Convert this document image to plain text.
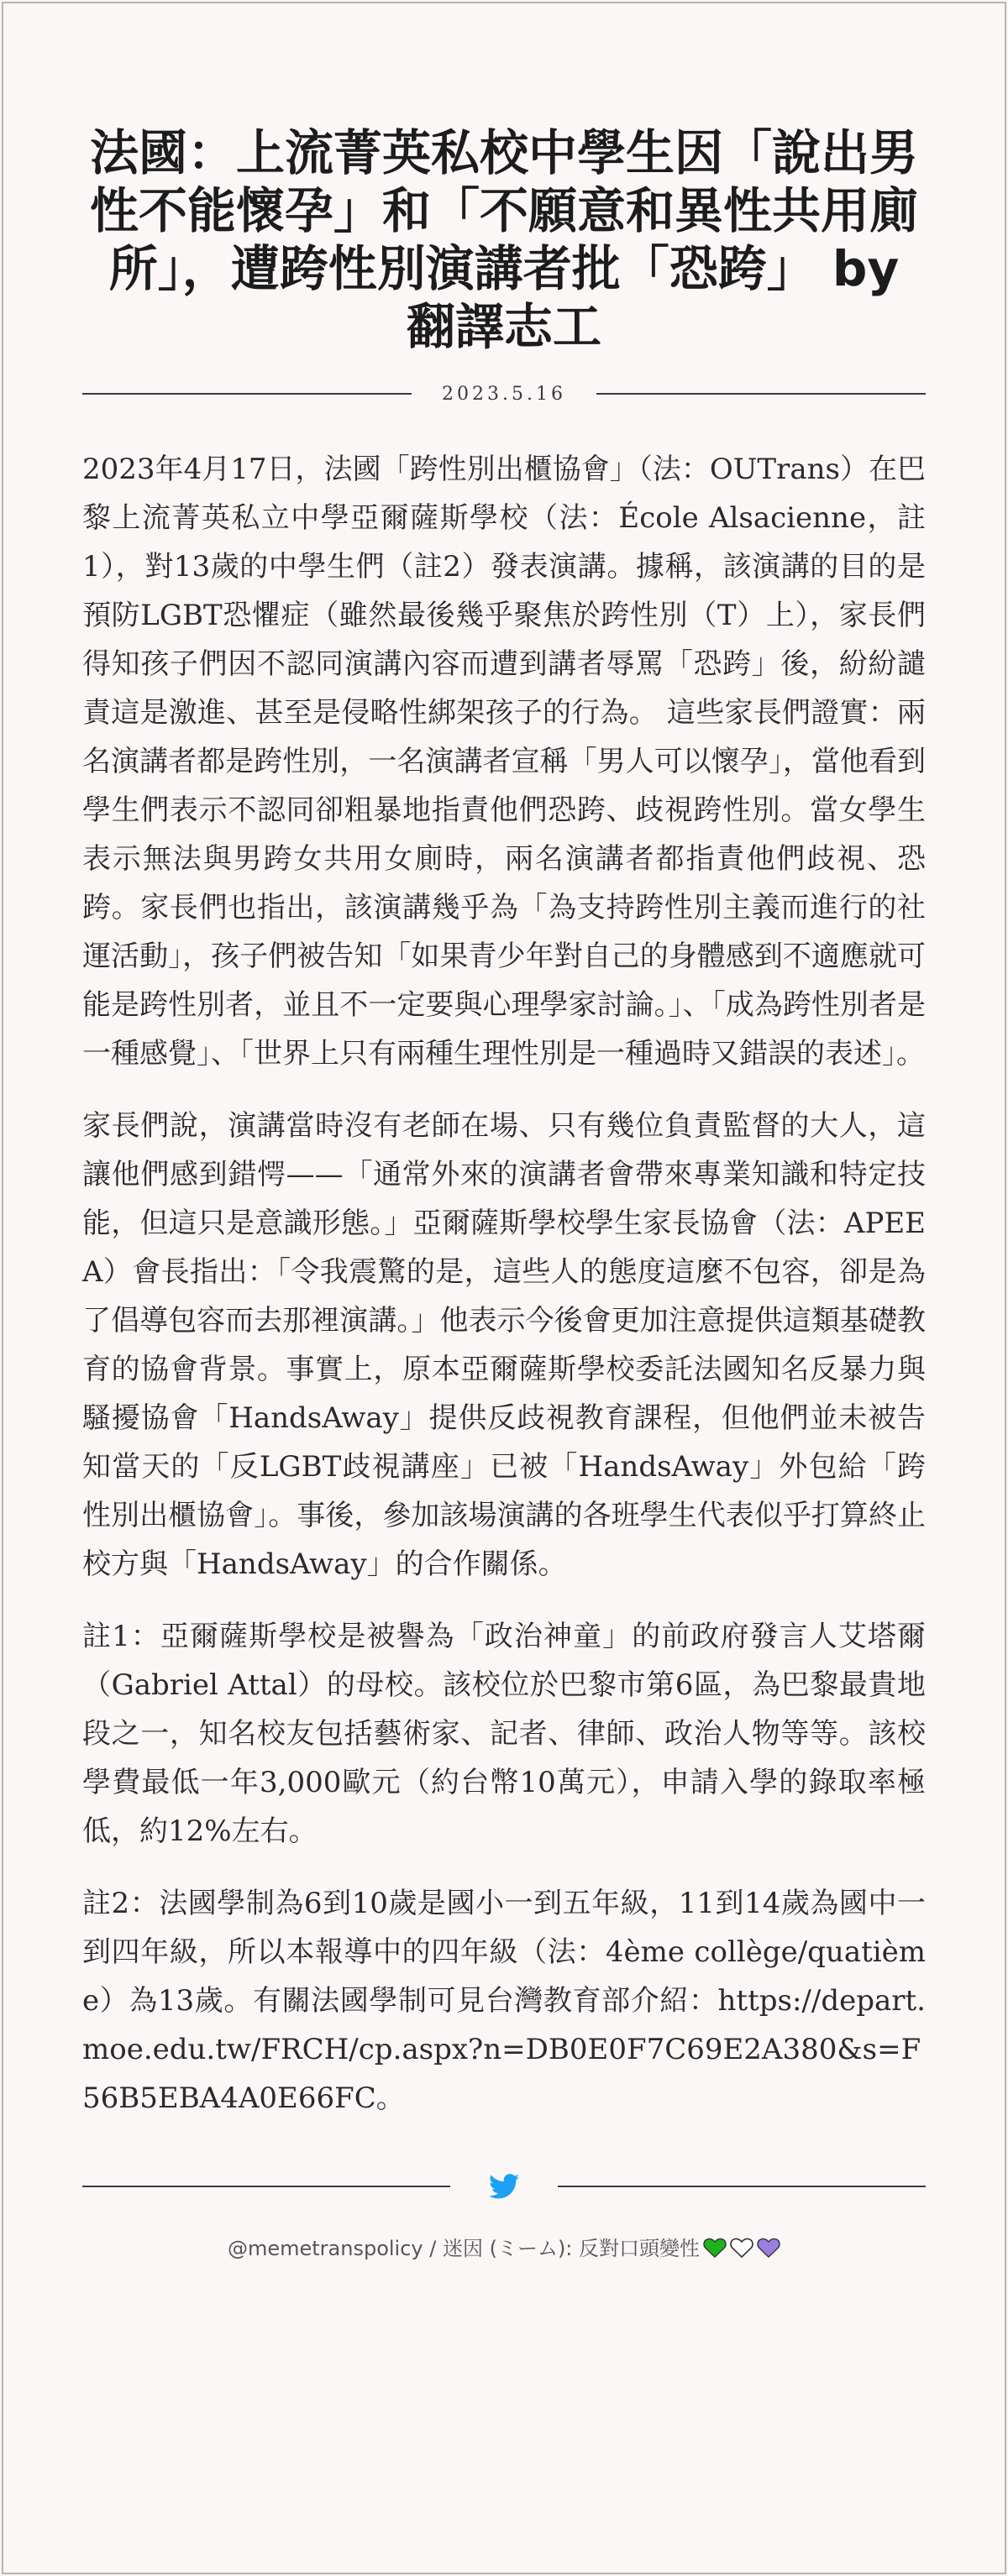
法國：上流菁英私校中學生因「說出男性不能懷孕」和「不願意和異性共用廁所」，遭跨性別演講者批「恐跨」 by 翻譯志工
2023.5.16

2023年4月17日，法國「跨性別出櫃協會」（法：OUTrans）在巴黎上流菁英私立中學亞爾薩斯學校（法：École Alsacienne，註1），對13歲的中學生們（註2）發表演講。據稱，該演講的目的是預防LGBT恐懼症（雖然最後幾乎聚焦於跨性別（T）上），家長們得知孩子們因不認同演講內容而遭到講者辱罵「恐跨」後，紛紛譴責這是激進、甚至是侵略性綁架孩子的行為。 這些家長們證實：兩名演講者都是跨性別，一名演講者宣稱「男人可以懷孕」，當他看到學生們表示不認同卻粗暴地指責他們恐跨、歧視跨性別。當女學生表示無法與男跨女共用女廁時，兩名演講者都指責他們歧視、恐跨。家長們也指出，該演講幾乎為「為支持跨性別主義而進行的社運活動」，孩子們被告知「如果青少年對自己的身體感到不適應就可能是跨性別者，並且不一定要與心理學家討論。」、「成為跨性別者是一種感覺」、「世界上只有兩種生理性別是一種過時又錯誤的表述」。

家長們說，演講當時沒有老師在場、只有幾位負責監督的大人，這讓他們感到錯愕——「通常外來的演講者會帶來專業知識和特定技能，但這只是意識形態。」亞爾薩斯學校學生家長協會（法：APEEA）會長指出：「令我震驚的是，這些人的態度這麼不包容，卻是為了倡導包容而去那裡演講。」他表示今後會更加注意提供這類基礎教育的協會背景。事實上，原本亞爾薩斯學校委託法國知名反暴力與騷擾協會「HandsAway」提供反歧視教育課程，但他們並未被告知當天的「反LGBT歧視講座」已被「HandsAway」外包給「跨性別出櫃協會」。事後，參加該場演講的各班學生代表似乎打算終止校方與「HandsAway」的合作關係。

註1：亞爾薩斯學校是被譽為「政治神童」的前政府發言人艾塔爾（Gabriel Attal）的母校。該校位於巴黎市第6區，為巴黎最貴地段之一，知名校友包括藝術家、記者、律師、政治人物等等。該校學費最低一年3,000歐元（約台幣10萬元），申請入學的錄取率極低，約12%左右。

註2：法國學制為6到10歲是國小一到五年級，11到14歲為國中一到四年級，所以本報導中的四年級（法：4ème collège/quatième）為13歲。有關法國學制可見台灣教育部介紹：https://depart.moe.edu.tw/FRCH/cp.aspx?n=DB0E0F7C69E2A380&s=F56B5EBA4A0E66FC。

@memetranspolicy / 迷因 (ミーム): 反對口頭變性
